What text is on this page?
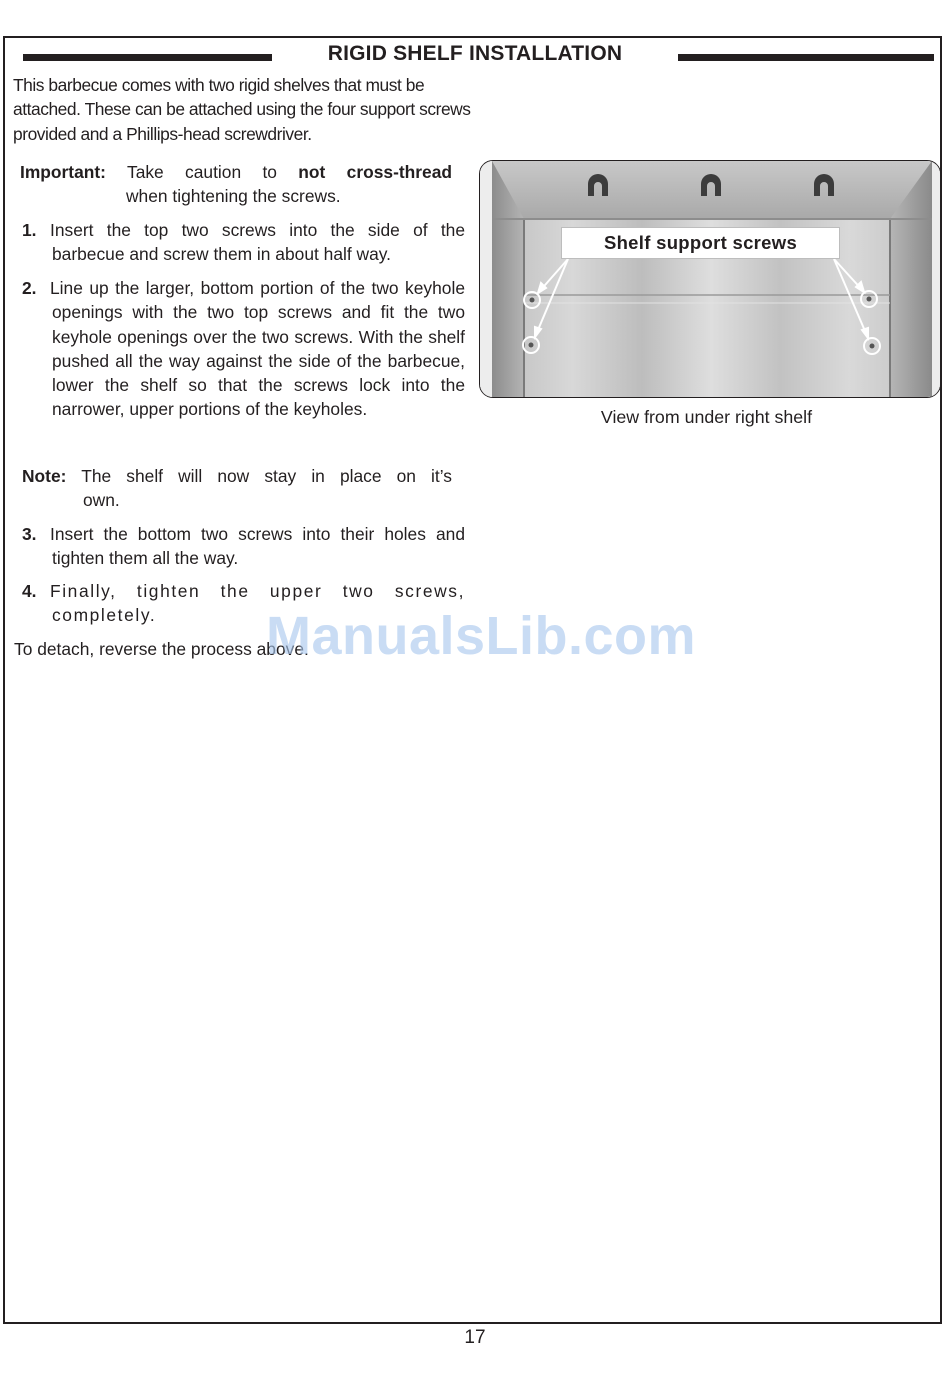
RIGID SHELF INSTALLATION
This barbecue comes with two rigid shelves that must be attached. These can be attached using the four support screws provided and a Phillips-head screwdriver.
Important: Take caution to not cross-thread
when tightening the screws.
1. Insert the top two screws into the side of the barbecue and screw them in about half way.
2. Line up the larger, bottom portion of the two keyhole openings with the two top screws and fit the two keyhole openings over the two screws. With the shelf pushed all the way against the side of the barbecue, lower the shelf so that the screws lock into the narrower, upper portions of the keyholes.
Note: The shelf will now stay in place on it’s
own.
3. Insert the bottom two screws into their holes and tighten them all the way.
4. Finally, tighten the upper two screws, completely.
To detach, reverse the process above.
Shelf support screws
View from under right shelf
ManualsLib.com
17
